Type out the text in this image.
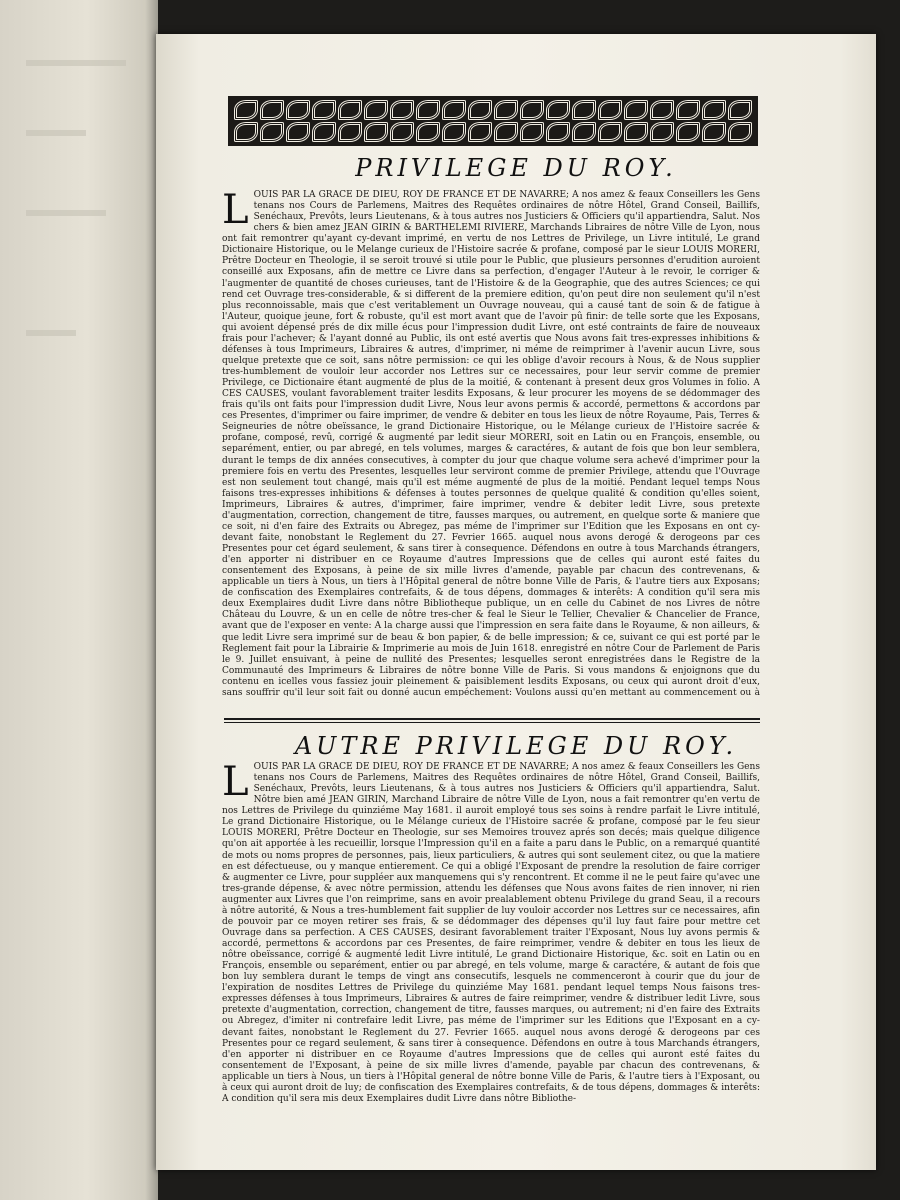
PRIVILEGE DU ROY.
L OUIS PAR LA GRACE DE DIEU, ROY DE FRANCE ET DE NAVARRE; A nos amez & feaux Conseillers les Gens tenans nos Cours de Parlemens, Maitres des Requêtes ordinaires de nôtre Hôtel, Grand Conseil, Baillifs, Senéchaux, Prevôts, leurs Lieutenans, & à tous autres nos Justiciers & Officiers qu'il appartiendra, Salut. Nos chers & bien amez JEAN GIRIN & BARTHELEMI RIVIERE, Marchands Libraires de nôtre Ville de Lyon, nous ont fait remontrer qu'ayant cy-devant imprimé, en vertu de nos Lettres de Privilege, un Livre intitulé, Le grand Dictionaire Historique, ou le Melange curieux de l'Histoire sacrée & profane, composé par le sieur LOUIS MORERI, Prêtre Docteur en Theologie, il se seroit trouvé si utile pour le Public, que plusieurs personnes d'erudition auroient conseillé aux Exposans, afin de mettre ce Livre dans sa perfection, d'engager l'Auteur à le revoir, le corriger & l'augmenter de quantité de choses curieuses, tant de l'Histoire & de la Geographie, que des autres Sciences; ce qui rend cet Ouvrage tres-considerable, & si different de la premiere edition, qu'on peut dire non seulement qu'il n'est plus reconnoissable, mais que c'est veritablement un Ouvrage nouveau, qui a causé tant de soin & de fatigue à l'Auteur, quoique jeune, fort & robuste, qu'il est mort avant que de l'avoir pû finir: de telle sorte que les Exposans, qui avoient dépensé prés de dix mille écus pour l'impression dudit Livre, ont esté contraints de faire de nouveaux frais pour l'achever; & l'ayant donné au Public, ils ont esté avertis que Nous avons fait tres-expresses inhibitions & défenses à tous Imprimeurs, Libraires & autres, d'imprimer, ni méme de reimprimer à l'avenir aucun Livre, sous quelque pretexte que ce soit, sans nôtre permission: ce qui les oblige d'avoir recours à Nous, & de Nous supplier tres-humblement de vouloir leur accorder nos Lettres sur ce necessaires, pour leur servir comme de premier Privilege, ce Dictionaire étant augmenté de plus de la moitié, & contenant à present deux gros Volumes in folio. A CES CAUSES, voulant favorablement traiter lesdits Exposans, & leur procurer les moyens de se dédommager des frais qu'ils ont faits pour l'impression dudit Livre, Nous leur avons permis & accordé, permettons & accordons par ces Presentes, d'imprimer ou faire imprimer, de vendre & debiter en tous les lieux de nôtre Royaume, Pais, Terres & Seigneuries de nôtre obeïssance, le grand Dictionaire Historique, ou le Mélange curieux de l'Histoire sacrée & profane, composé, revû, corrigé & augmenté par ledit sieur MORERI, soit en Latin ou en François, ensemble, ou separément, entier, ou par abregé, en tels volumes, marges & caractéres, & autant de fois que bon leur semblera, durant le temps de dix années consecutives, à compter du jour que chaque volume sera achevé d'imprimer pour la premiere fois en vertu des Presentes, lesquelles leur serviront comme de premier Privilege, attendu que l'Ouvrage est non seulement tout changé, mais qu'il est méme augmenté de plus de la moitié. Pendant lequel temps Nous faisons tres-expresses inhibitions & défenses à toutes personnes de quelque qualité & condition qu'elles soient, Imprimeurs, Libraires & autres, d'imprimer, faire imprimer, vendre & debiter ledit Livre, sous pretexte d'augmentation, correction, changement de titre, fausses marques, ou autrement, en quelque sorte & maniere que ce soit, ni d'en faire des Extraits ou Abregez, pas méme de l'imprimer sur l'Edition que les Exposans en ont cy-devant faite, nonobstant le Reglement du 27. Fevrier 1665. auquel nous avons derogé & derogeons par ces Presentes pour cet égard seulement, & sans tirer à consequence. Défendons en outre à tous Marchands étrangers, d'en apporter ni distribuer en ce Royaume d'autres Impressions que de celles qui auront esté faites du consentement des Exposans, à peine de six mille livres d'amende, payable par chacun des contrevenans, & applicable un tiers à Nous, un tiers à l'Hôpital general de nôtre bonne Ville de Paris, & l'autre tiers aux Exposans; de confiscation des Exemplaires contrefaits, & de tous dépens, dommages & interêts: A condition qu'il sera mis deux Exemplaires dudit Livre dans nôtre Bibliotheque publique, un en celle du Cabinet de nos Livres de nôtre Château du Louvre, & un en celle de nôtre tres-cher & feal le Sieur le Tellier, Chevalier & Chancelier de France, avant que de l'exposer en vente: A la charge aussi que l'impression en sera faite dans le Royaume, & non ailleurs, & que ledit Livre sera imprimé sur de beau & bon papier, & de belle impression; & ce, suivant ce qui est porté par le Reglement fait pour la Librairie & Imprimerie au mois de Juin 1618. enregistré en nôtre Cour de Parlement de Paris le 9. Juillet ensuivant, à peine de nullité des Presentes; lesquelles seront enregistrées dans le Registre de la Communauté des Imprimeurs & Libraires de nôtre bonne Ville de Paris. Si vous mandons & enjoignons que du contenu en icelles vous fassiez jouir pleinement & paisiblement lesdits Exposans, ou ceux qui auront droit d'eux, sans souffrir qu'il leur soit fait ou donné aucun empéchement: Voulons aussi qu'en mettant au commencement ou à
AUTRE PRIVILEGE DU ROY.
L OUIS PAR LA GRACE DE DIEU, ROY DE FRANCE ET DE NAVARRE; A nos amez & feaux Conseillers les Gens tenans nos Cours de Parlemens, Maitres des Requêtes ordinaires de nôtre Hôtel, Grand Conseil, Baillifs, Senéchaux, Prevôts, leurs Lieutenans, & à tous autres nos Justiciers & Officiers qu'il appartiendra, Salut. Nôtre bien amé JEAN GIRIN, Marchand Libraire de nôtre Ville de Lyon, nous a fait remontrer qu'en vertu de nos Lettres de Privilege du quinziéme May 1681. il auroit employé tous ses soins à rendre parfait le Livre intitulé, Le grand Dictionaire Historique, ou le Mélange curieux de l'Histoire sacrée & profane, composé par le feu sieur LOUIS MORERI, Prêtre Docteur en Theologie, sur ses Memoires trouvez aprés son decés; mais quelque diligence qu'on ait apportée à les recueillir, lorsque l'Impression qu'il en a faite a paru dans le Public, on a remarqué quantité de mots ou noms propres de personnes, pais, lieux particuliers, & autres qui sont seulement citez, ou que la matiere en est défectueuse, ou y manque entierement. Ce qui a obligé l'Exposant de prendre la resolution de faire corriger & augmenter ce Livre, pour suppléer aux manquemens qui s'y rencontrent. Et comme il ne le peut faire qu'avec une tres-grande dépense, & avec nôtre permission, attendu les défenses que Nous avons faites de rien innover, ni rien augmenter aux Livres que l'on reimprime, sans en avoir prealablement obtenu Privilege du grand Seau, il a recours à nôtre autorité, & Nous a tres-humblement fait supplier de luy vouloir accorder nos Lettres sur ce necessaires, afin de pouvoir par ce moyen retirer ses frais, & se dédommager des dépenses qu'il luy faut faire pour mettre cet Ouvrage dans sa perfection. A CES CAUSES, desirant favorablement traiter l'Exposant, Nous luy avons permis & accordé, permettons & accordons par ces Presentes, de faire reimprimer, vendre & debiter en tous les lieux de nôtre obeïssance, corrigé & augmenté ledit Livre intitulé, Le grand Dictionaire Historique, &c. soit en Latin ou en François, ensemble ou separément, entier ou par abregé, en tels volume, marge & caractére, & autant de fois que bon luy semblera durant le temps de vingt ans consecutifs, lesquels ne commenceront à courir que du jour de l'expiration de nosdites Lettres de Privilege du quinziéme May 1681. pendant lequel temps Nous faisons tres-expresses défenses à tous Imprimeurs, Libraires & autres de faire reimprimer, vendre & distribuer ledit Livre, sous pretexte d'augmentation, correction, changement de titre, fausses marques, ou autrement; ni d'en faire des Extraits ou Abregez, d'imiter ni contrefaire ledit Livre, pas méme de l'imprimer sur les Editions que l'Exposant en a cy-devant faites, nonobstant le Reglement du 27. Fevrier 1665. auquel nous avons derogé & derogeons par ces Presentes pour ce regard seulement, & sans tirer à consequence. Défendons en outre à tous Marchands étrangers, d'en apporter ni distribuer en ce Royaume d'autres Impressions que de celles qui auront esté faites du consentement de l'Exposant, à peine de six mille livres d'amende, payable par chacun des contrevenans, & applicable un tiers à Nous, un tiers à l'Hôpital general de nôtre bonne Ville de Paris, & l'autre tiers à l'Exposant, ou à ceux qui auront droit de luy; de confiscation des Exemplaires contrefaits, & de tous dépens, dommages & interêts: A condition qu'il sera mis deux Exemplaires dudit Livre dans nôtre Bibliothe-
